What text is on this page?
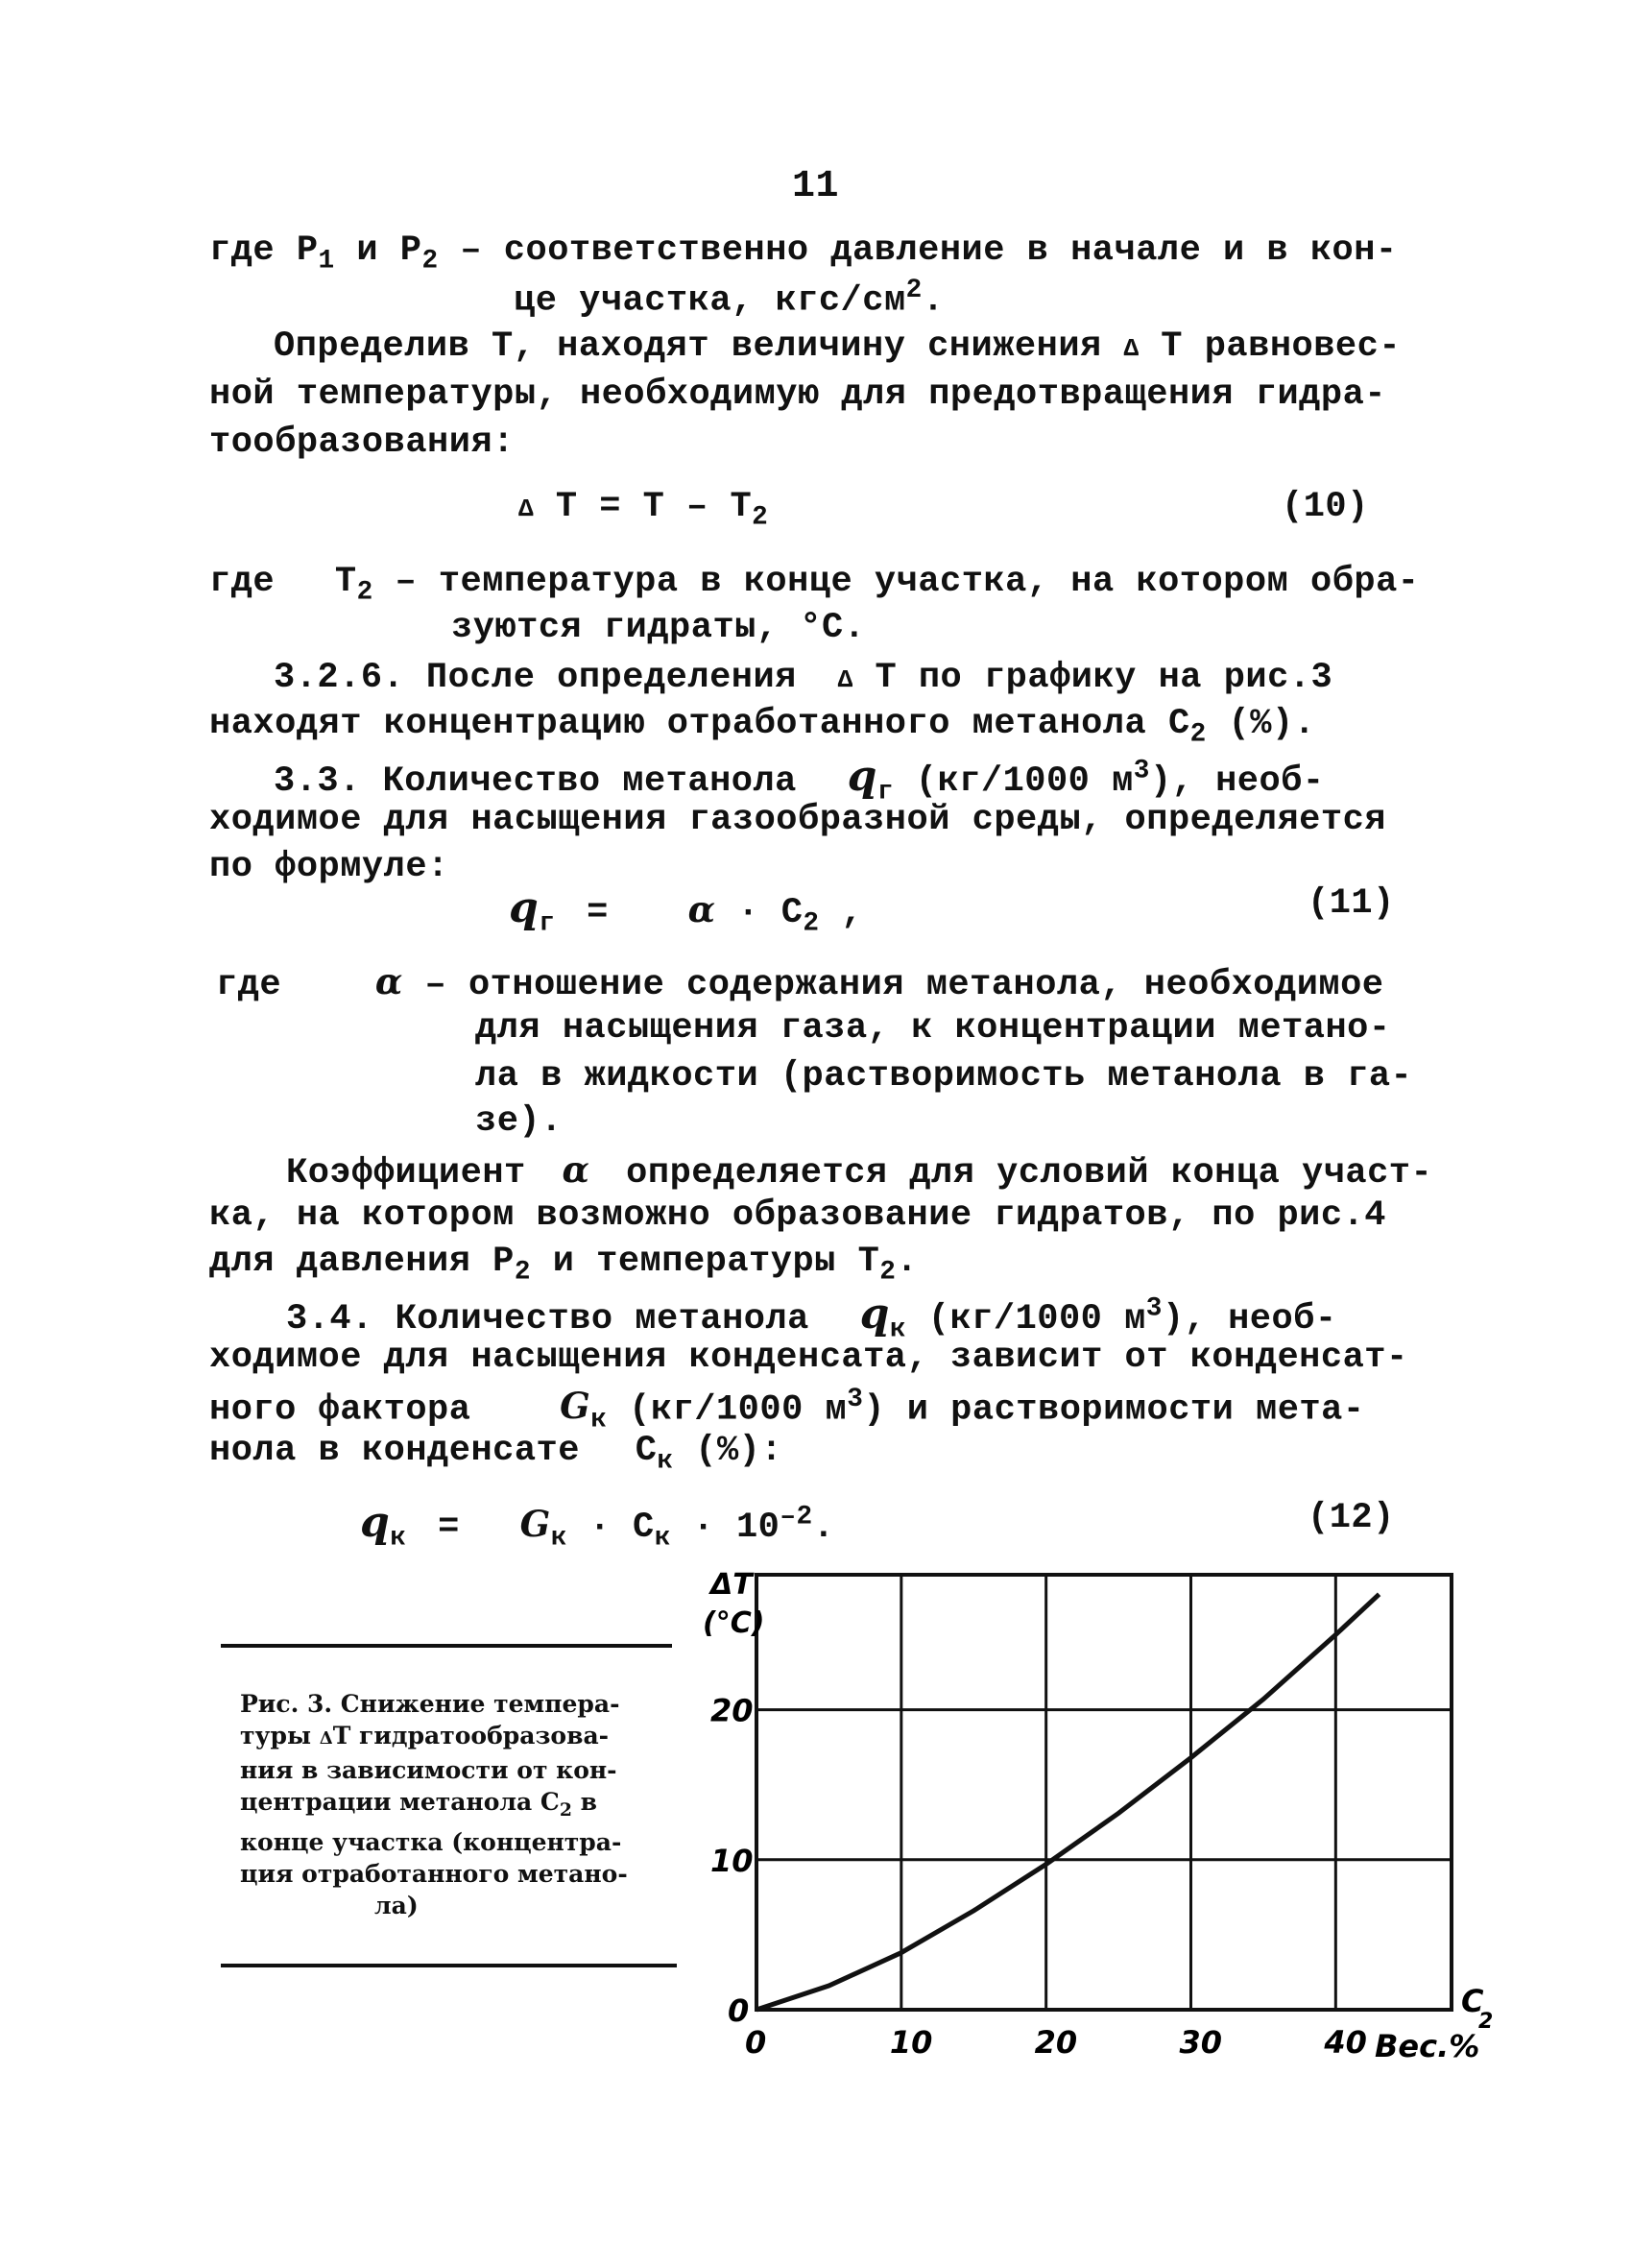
11
где $P_1$ и $P_2$ – соответственно давление в начале и в кон-
це участка, кгс/$см^2$.
Определив Т, находят величину снижения Δ Т равновес-
ной температуры, необходимую для предотвращения гидра-
тообразования:
Δ $Т = Т - Т_2$	(10)
где $Т_2$ – температура в конце участка, на котором обра-
зуются гидраты, °С.
3.2.6. После определения Δ Т по графику на рис.3
находят концентрацию отработанного метанола $С_2$ (%).
3.3. Количество метанола $q_г$ (кг/1000 $м^3$), необ-
ходимое для насыщения газообразной среды, определяется
по формуле:
$q_г = \alpha \cdot C_2$ ,	(11)
где	α – отношение содержания метанола, необходимое
для насыщения газа, к концентрации метано-
ла в жидкости (растворимость метанола в га-
зе).
Коэффициент α определяется для условий конца участ-
ка, на котором возможно образование гидратов, по рис.4
для давления $P_2$ и температуры $Т_2$.
3.4. Количество метанола $q_к$ (кг/1000 $м^3$), необ-
ходимое для насыщения конденсата, зависит от конденсат-
ного фактора	$G_к$ (кг/1000 $м^3$) и растворимости мета-
нола в конденсате $С_к$ (%):
$q_к = G_к \cdot С_к \cdot 10^{-2}$.	(12)
Рис. 3. Снижение темпера-
туры ΔТ гидратообразова-
ния в зависимости от кон-
центрации метанола $С_2$ в
конце участка (концентра-
ция отработанного метано-
ла)
0	10	20	30	40
0
10
20
ΔT
(°C)
C
2
Вес.%
